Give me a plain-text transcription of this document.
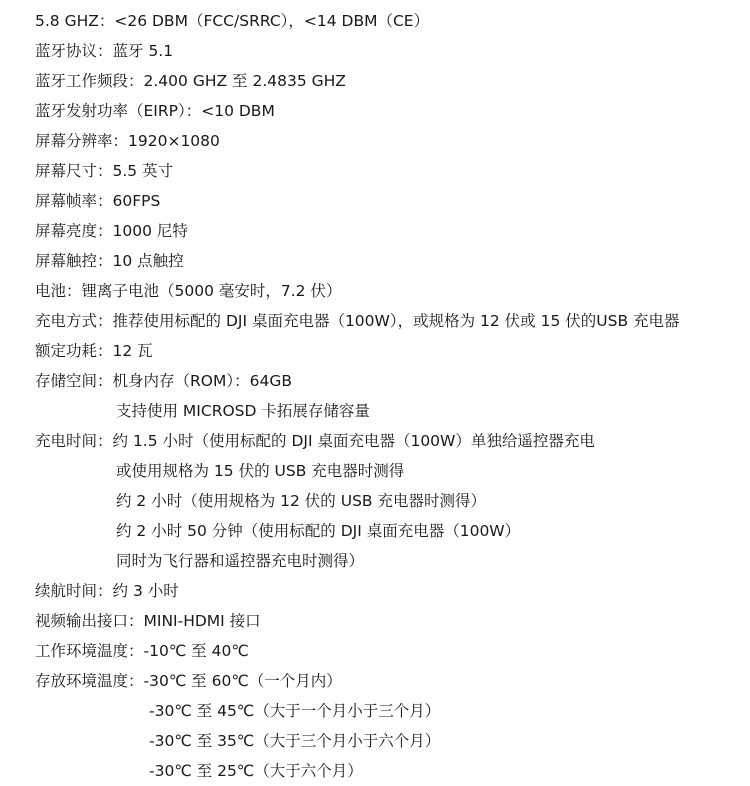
5.8 GHZ：<26 DBM（FCC/SRRC），<14 DBM（CE）
蓝牙协议：蓝牙 5.1
蓝牙工作频段：2.400 GHZ 至 2.4835 GHZ
蓝牙发射功率（EIRP）：<10 DBM
屏幕分辨率：1920×1080
屏幕尺寸：5.5 英寸
屏幕帧率：60FPS
屏幕亮度：1000 尼特
屏幕触控：10 点触控
电池：锂离子电池（5000 毫安时，7.2 伏）
充电方式：推荐使用标配的 DJI 桌面充电器（100W），或规格为 12 伏或 15 伏的USB 充电器
额定功耗：12 瓦
存储空间：机身内存（ROM）：64GB
支持使用 MICROSD 卡拓展存储容量
充电时间：约 1.5 小时（使用标配的 DJI 桌面充电器（100W）单独给遥控器充电
或使用规格为 15 伏的 USB 充电器时测得
约 2 小时（使用规格为 12 伏的 USB 充电器时测得）
约 2 小时 50 分钟（使用标配的 DJI 桌面充电器（100W）
同时为飞行器和遥控器充电时测得）
续航时间：约 3 小时
视频输出接口：MINI-HDMI 接口
工作环境温度：-10℃ 至 40℃
存放环境温度：-30℃ 至 60℃（一个月内）
-30℃ 至 45℃（大于一个月小于三个月）
-30℃ 至 35℃（大于三个月小于六个月）
-30℃ 至 25℃（大于六个月）
